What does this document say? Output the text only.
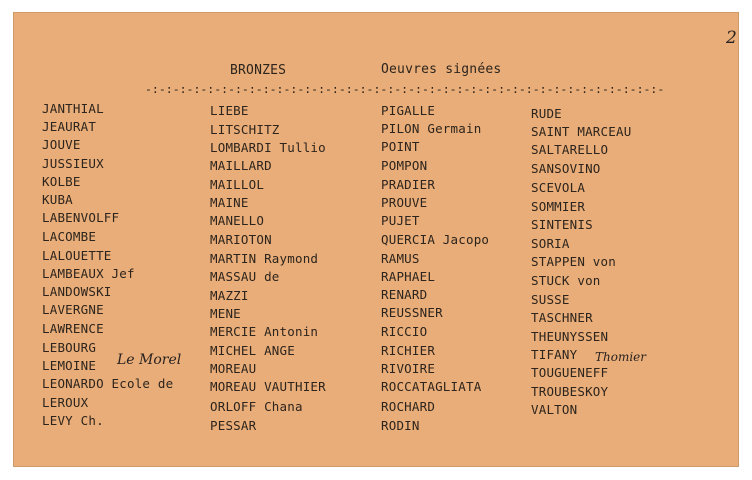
2
BRONZES	Oeuvres signées
-:-:-:-:-:-:-:-:-:-:-:-:-:-:-:-:-:-:-:-:-:-:-:-:-:-:-:-:-:-:-:-:-:-:-:-:-:-
JANTHIAL
JEAURAT
JOUVE
JUSSIEUX
KOLBE
KUBA
LABENVOLFF
LACOMBE
LALOUETTE
LAMBEAUX Jef
LANDOWSKI
LAVERGNE
LAWRENCE
LEBOURG
LEMOINE
LEONARDO Ecole de
LEROUX
LEVY Ch.
LIEBE
LITSCHITZ
LOMBARDI Tullio
MAILLARD
MAILLOL
MAINE
MANELLO
MARIOTON
MARTIN Raymond
MASSAU de
MAZZI
MENE
MERCIE Antonin
MICHEL ANGE
MOREAU
MOREAU VAUTHIER
ORLOFF Chana
PESSAR
PIGALLE
PILON Germain
POINT
POMPON
PRADIER
PROUVE
PUJET
QUERCIA Jacopo
RAMUS
RAPHAEL
RENARD
REUSSNER
RICCIO
RICHIER
RIVOIRE
ROCCATAGLIATA
ROCHARD
RODIN
RUDE
SAINT MARCEAU
SALTARELLO
SANSOVINO
SCEVOLA
SOMMIER
SINTENIS
SORIA
STAPPEN von
STUCK von
SUSSE
TASCHNER
THEUNYSSEN
TIFANY
TOUGUENEFF
TROUBESKOY
VALTON
Le Morel	Thomier
